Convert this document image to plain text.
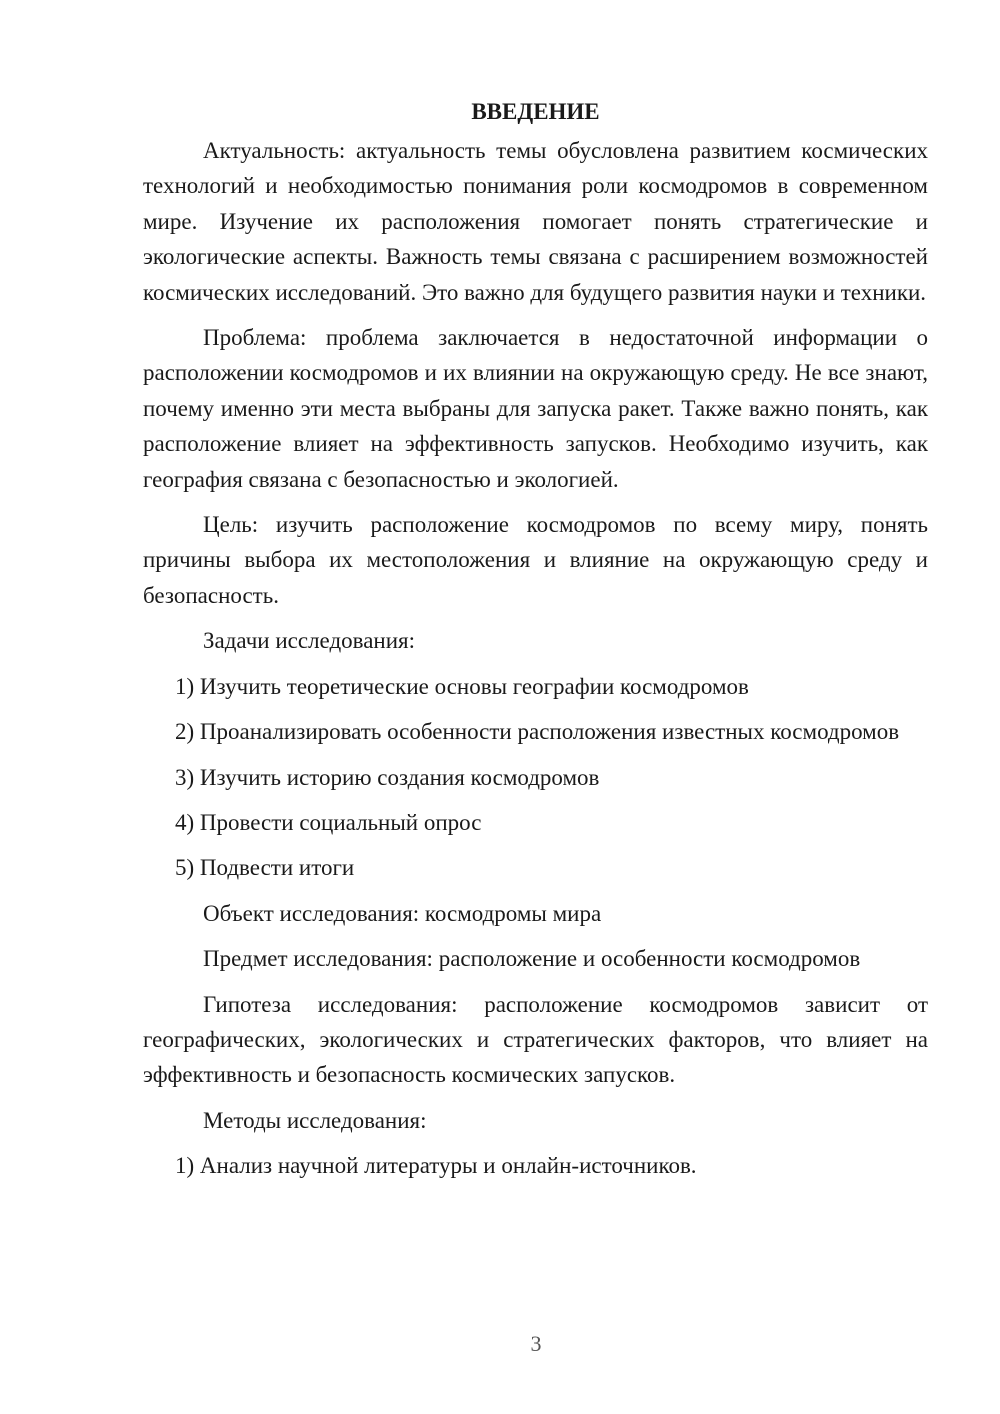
ВВЕДЕНИЕ

Актуальность: актуальность темы обусловлена развитием космических технологий и необходимостью понимания роли космодромов в современном мире. Изучение их расположения помогает понять стратегические и экологические аспекты. Важность темы связана с расширением возможностей космических исследований. Это важно для будущего развития науки и техники.

Проблема: проблема заключается в недостаточной информации о расположении космодромов и их влиянии на окружающую среду. Не все знают, почему именно эти места выбраны для запуска ракет. Также важно понять, как расположение влияет на эффективность запусков. Необходимо изучить, как география связана с безопасностью и экологией.

Цель: изучить расположение космодромов по всему миру, понять причины выбора их местоположения и влияние на окружающую среду и безопасность.

Задачи исследования:

1) Изучить теоретические основы географии космодромов

2) Проанализировать особенности расположения известных космодромов

3) Изучить историю создания космодромов

4) Провести социальный опрос

5) Подвести итоги

Объект исследования: космодромы мира

Предмет исследования: расположение и особенности космодромов

Гипотеза исследования: расположение космодромов зависит от географических, экологических и стратегических факторов, что влияет на эффективность и безопасность космических запусков.

Методы исследования:

1) Анализ научной литературы и онлайн-источников.

3
